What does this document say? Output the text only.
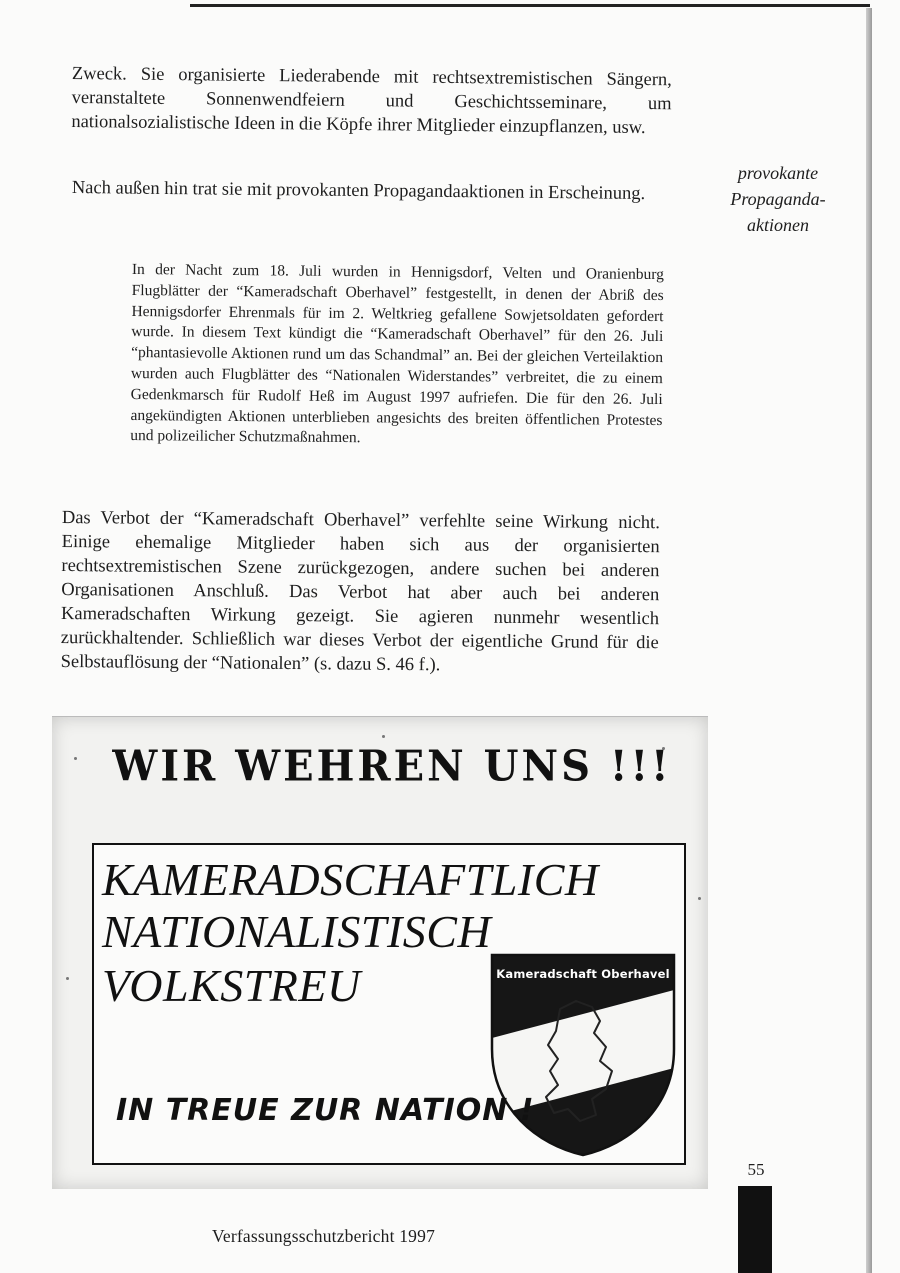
Zweck. Sie organisierte Liederabende mit rechtsextremistischen Sängern, veranstaltete Sonnenwendfeiern und Geschichtsseminare, um nationalsozialistische Ideen in die Köpfe ihrer Mitglieder einzupflanzen, usw.

Nach außen hin trat sie mit provokanten Propagandaaktionen in Erscheinung.

provokante
Propaganda-
aktionen

In der Nacht zum 18. Juli wurden in Hennigsdorf, Velten und Oranienburg Flugblätter der “Kameradschaft Oberhavel” festgestellt, in denen der Abriß des Hennigsdorfer Ehrenmals für im 2. Weltkrieg gefallene Sowjetsoldaten gefordert wurde. In diesem Text kündigt die “Kameradschaft Oberhavel” für den 26. Juli “phantasievolle Aktionen rund um das Schandmal” an. Bei der gleichen Verteilaktion wurden auch Flugblätter des “Nationalen Widerstandes” verbreitet, die zu einem Gedenkmarsch für Rudolf Heß im August 1997 aufriefen. Die für den 26. Juli angekündigten Aktionen unterblieben angesichts des breiten öffentlichen Protestes und polizeilicher Schutzmaßnahmen.

Das Verbot der “Kameradschaft Oberhavel” verfehlte seine Wirkung nicht. Einige ehemalige Mitglieder haben sich aus der organisierten rechtsextremistischen Szene zurückgezogen, andere suchen bei anderen Organisationen Anschluß. Das Verbot hat aber auch bei anderen Kameradschaften Wirkung gezeigt. Sie agieren nunmehr wesentlich zurückhaltender. Schließlich war dieses Verbot der eigentliche Grund für die Selbstauflösung der “Nationalen” (s. dazu S. 46 f.).

WIR WEHREN UNS !!!
KAMERADSCHAFTLICH
NATIONALISTISCH
VOLKSTREU	Kameradschaft Oberhavel
IN TREUE ZUR NATION !
55
Verfassungsschutzbericht 1997
